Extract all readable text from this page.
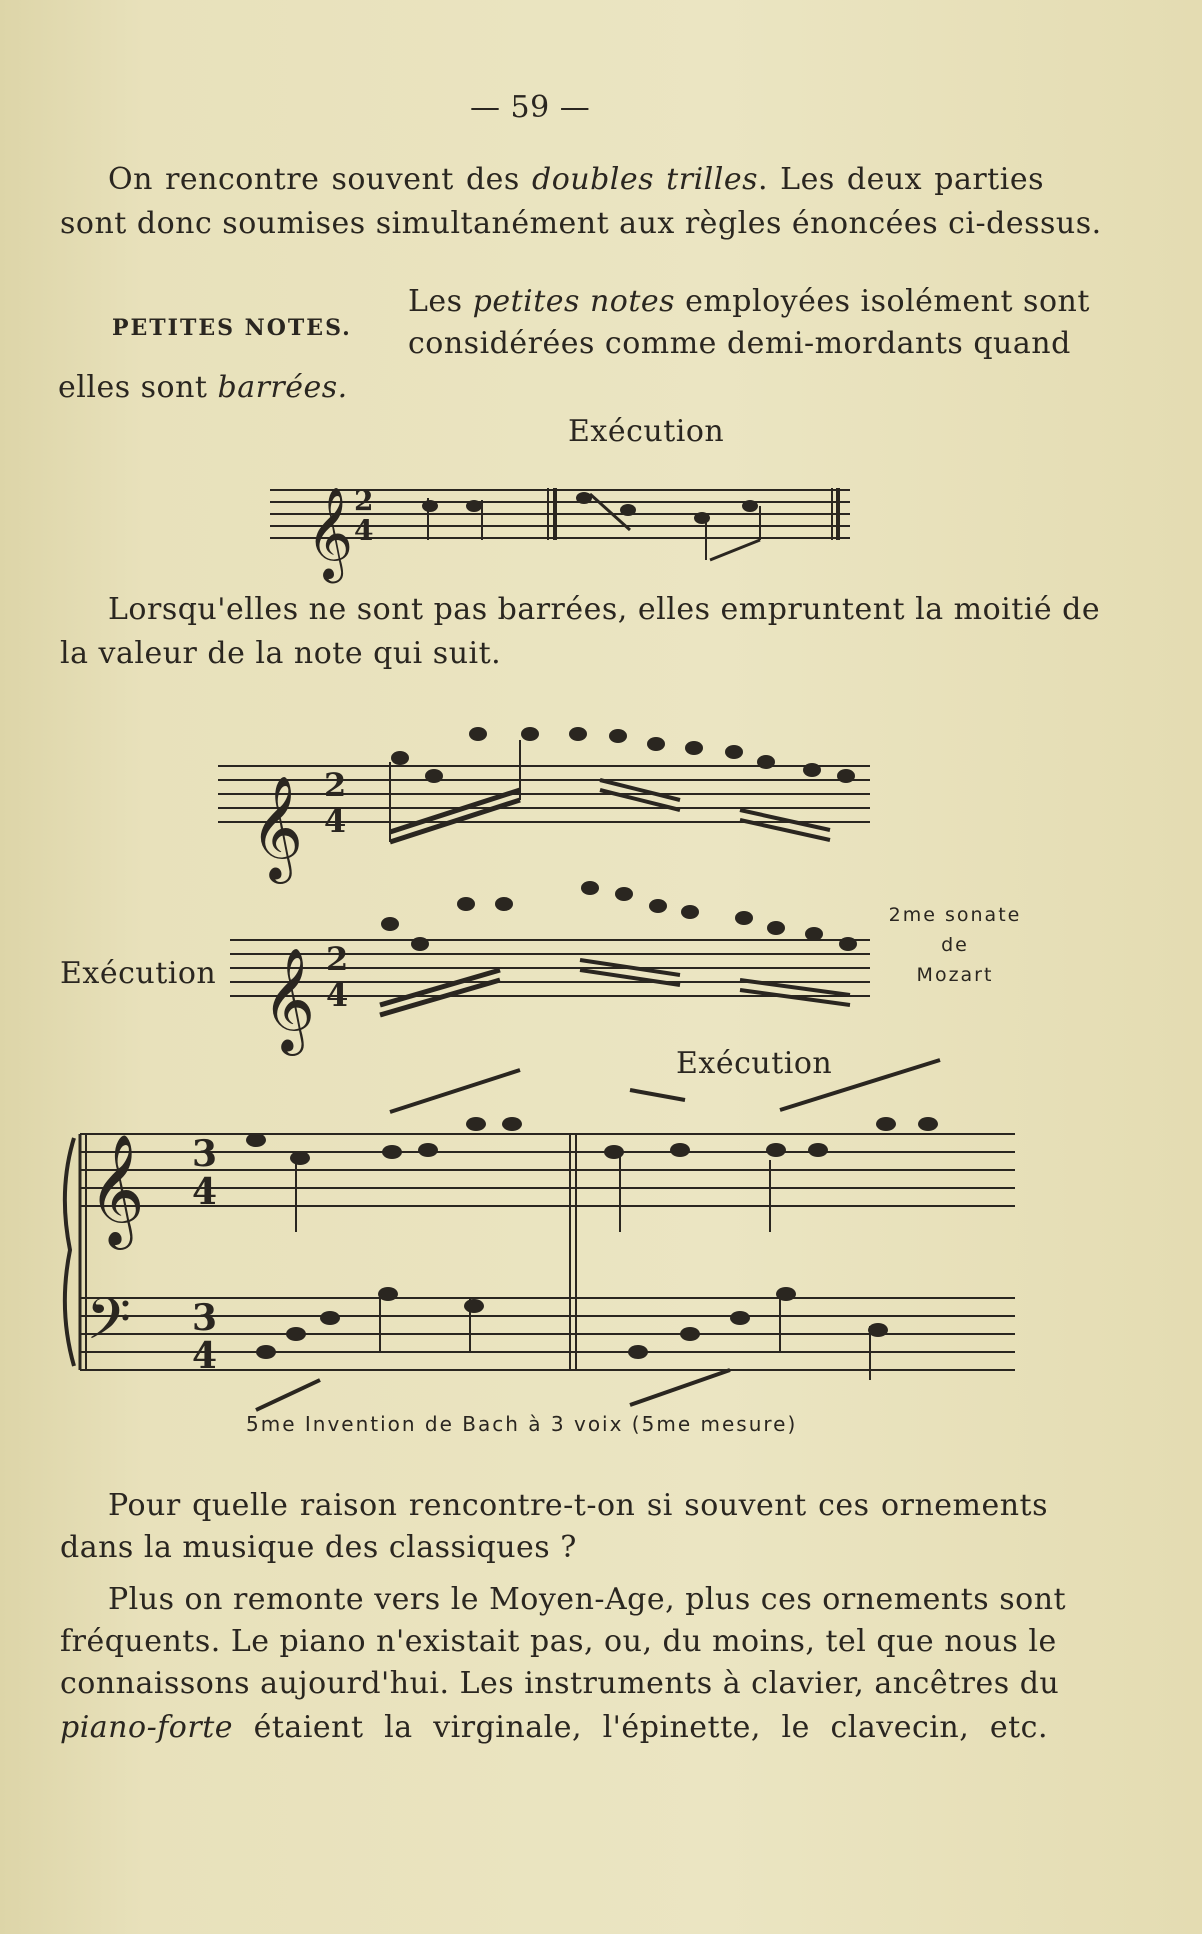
— 59 —
On rencontre souvent des doubles trilles. Les deux parties
sont donc soumises simultanément aux règles énoncées ci-dessus.
PETITES NOTES.
Les petites notes employées isolément sont
considérées comme demi-mordants quand
elles sont barrées.
Exécution
Lorsqu'elles ne sont pas barrées, elles empruntent la moitié de
la valeur de la note qui suit.
Exécution
2me sonate
de
Mozart
Exécution
5me Invention de Bach à 3 voix (5me mesure)
Pour quelle raison rencontre-t-on si souvent ces ornements
dans la musique des classiques ?
Plus on remonte vers le Moyen-Age, plus ces ornements sont
fréquents. Le piano n'existait pas, ou, du moins, tel que nous le
connaissons aujourd'hui. Les instruments à clavier, ancêtres du
piano-forte étaient la virginale, l'épinette, le clavecin, etc.
𝄞 2
4
𝄞 2
4
𝄞 2
4
𝄞 3
4
𝄢 3
4
